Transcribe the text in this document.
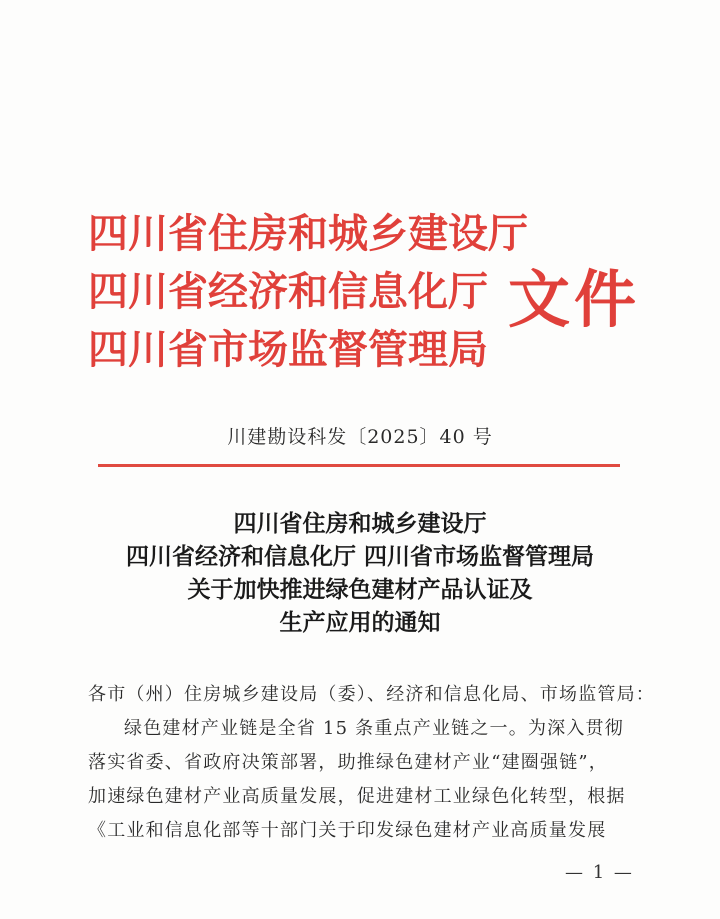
四川省住房和城乡建设厅
四川省经济和信息化厅
四川省市场监督管理局
文件
川建勘设科发〔2025〕40 号
四川省住房和城乡建设厅
四川省经济和信息化厅 四川省市场监督管理局
关于加快推进绿色建材产品认证及
生产应用的通知
各市（州）住房城乡建设局（委）、经济和信息化局、市场监管局：
绿色建材产业链是全省 15 条重点产业链之一。为深入贯彻
落实省委、省政府决策部署，助推绿色建材产业“建圈强链”，
加速绿色建材产业高质量发展，促进建材工业绿色化转型，根据
《工业和信息化部等十部门关于印发绿色建材产业高质量发展
— 1 —
